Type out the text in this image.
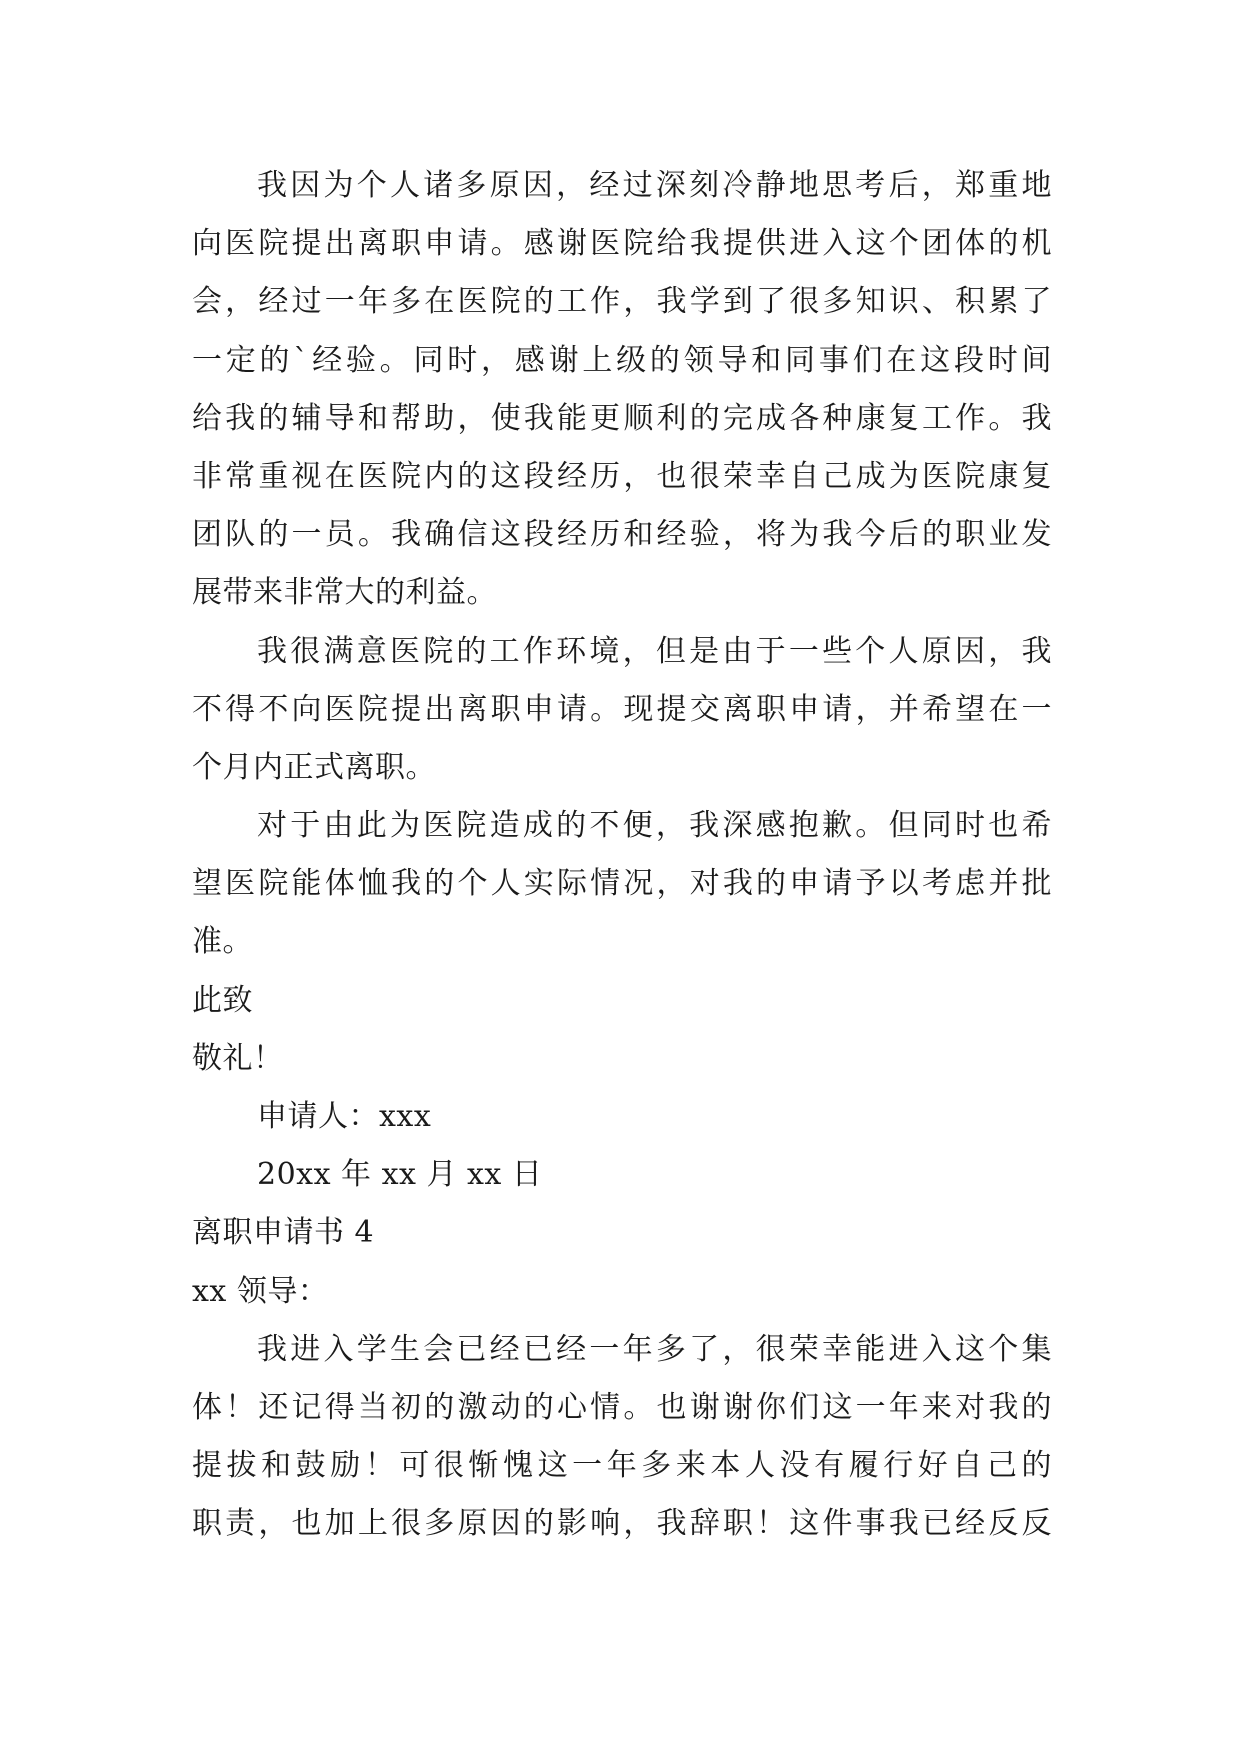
我因为个人诸多原因，经过深刻冷静地思考后，郑重地
向医院提出离职申请。感谢医院给我提供进入这个团体的机
会，经过一年多在医院的工作，我学到了很多知识、积累了
一定的`经验。同时，感谢上级的领导和同事们在这段时间
给我的辅导和帮助，使我能更顺利的完成各种康复工作。我
非常重视在医院内的这段经历，也很荣幸自己成为医院康复
团队的一员。我确信这段经历和经验，将为我今后的职业发
展带来非常大的利益。
我很满意医院的工作环境，但是由于一些个人原因，我
不得不向医院提出离职申请。现提交离职申请，并希望在一
个月内正式离职。
对于由此为医院造成的不便，我深感抱歉。但同时也希
望医院能体恤我的个人实际情况，对我的申请予以考虑并批
准。
此致
敬礼！
申请人：xxx
20xx 年 xx 月 xx 日
离职申请书 4
xx 领导：
我进入学生会已经已经一年多了，很荣幸能进入这个集
体！还记得当初的激动的心情。也谢谢你们这一年来对我的
提拔和鼓励！可很惭愧这一年多来本人没有履行好自己的
职责，也加上很多原因的影响，我辞职！这件事我已经反反
